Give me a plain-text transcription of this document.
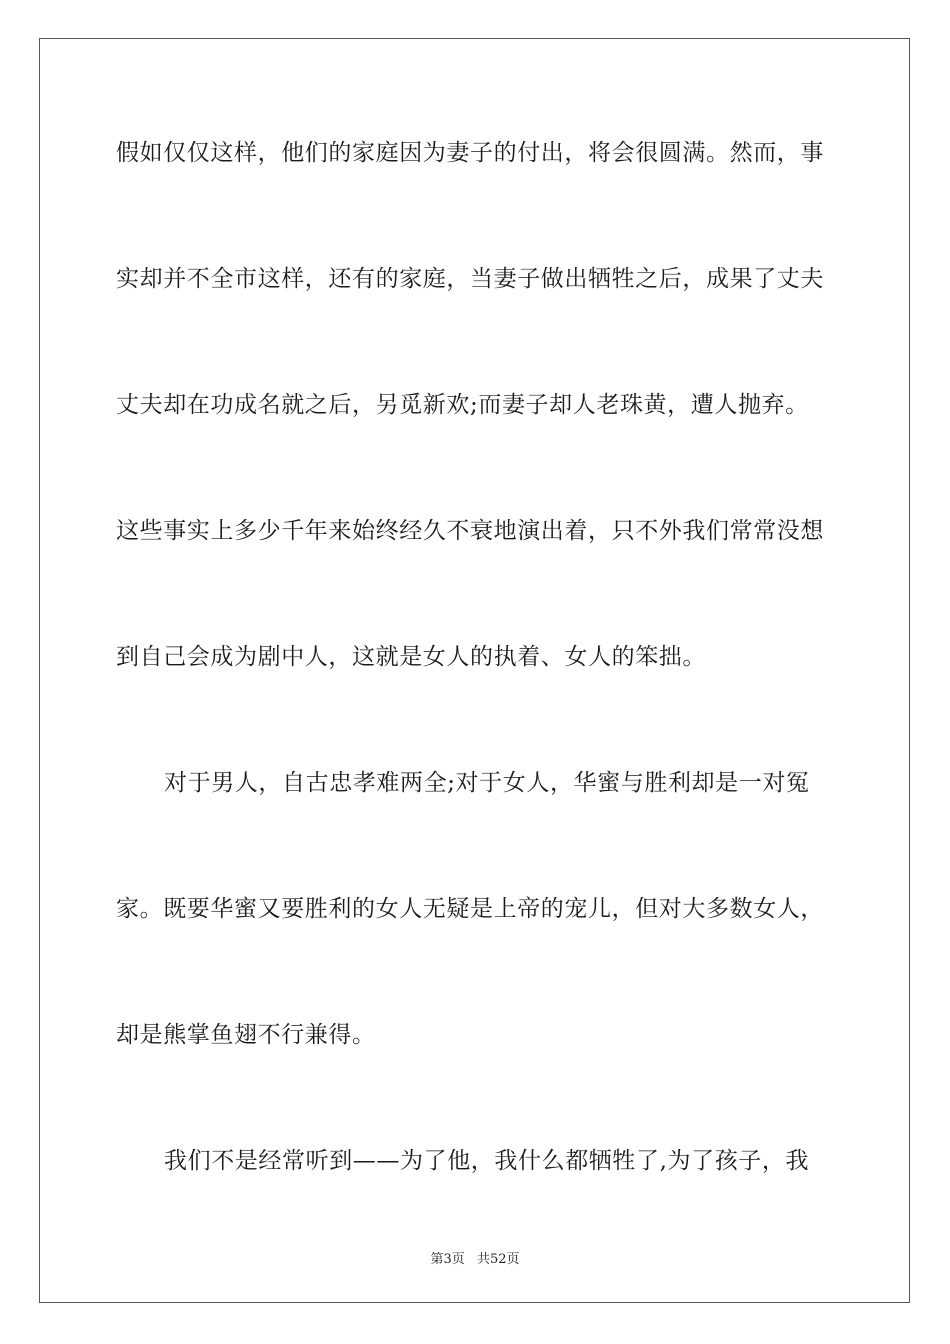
假如仅仅这样，他们的家庭因为妻子的付出，将会很圆满。然而，事
实却并不全市这样，还有的家庭，当妻子做出牺牲之后，成果了丈夫
丈夫却在功成名就之后，另觅新欢;而妻子却人老珠黄，遭人抛弃。
这些事实上多少千年来始终经久不衰地演出着，只不外我们常常没想
到自己会成为剧中人，这就是女人的执着、女人的笨拙。
对于男人，自古忠孝难两全;对于女人，华蜜与胜利却是一对冤
家。既要华蜜又要胜利的女人无疑是上帝的宠儿，但对大多数女人，
却是熊掌鱼翅不行兼得。
我们不是经常听到——为了他，我什么都牺牲了,为了孩子，我
第3页 共52页
